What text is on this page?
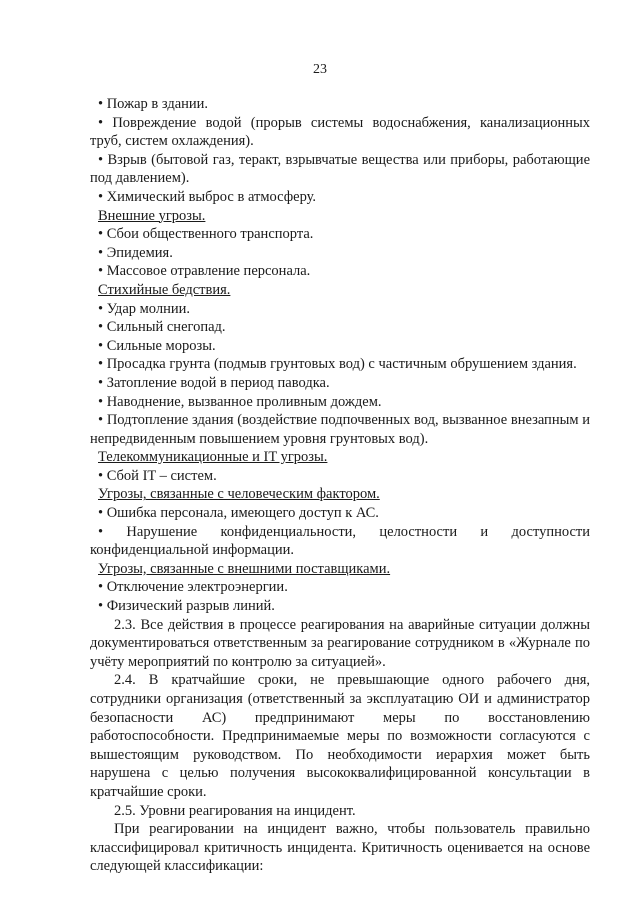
23

• Пожар в здании.

• Повреждение водой (прорыв системы водоснабжения, канализационных труб, систем охлаждения).

• Взрыв (бытовой газ, теракт, взрывчатые вещества или приборы, работающие под давлением).

• Химический выброс в атмосферу.

Внешние угрозы.

• Сбои общественного транспорта.

• Эпидемия.

• Массовое отравление персонала.

Стихийные бедствия.

• Удар молнии.

• Сильный снегопад.

• Сильные морозы.

• Просадка грунта (подмыв грунтовых вод) с частичным обрушением здания.

• Затопление водой в период паводка.

• Наводнение, вызванное проливным дождем.

• Подтопление здания (воздействие подпочвенных вод, вызванное внезапным и непредвиденным повышением уровня грунтовых вод).

Телекоммуникационные и IT угрозы.

• Сбой IT – систем.

Угрозы, связанные с человеческим фактором.

• Ошибка персонала, имеющего доступ к АС.

• Нарушение конфиденциальности, целостности и доступности конфиденциальной информации.

Угрозы, связанные с внешними поставщиками.

• Отключение электроэнергии.

• Физический разрыв линий.

2.3. Все действия в процессе реагирования на аварийные ситуации должны документироваться ответственным за реагирование сотрудником в «Журнале по учёту мероприятий по контролю за ситуацией».

2.4. В кратчайшие сроки, не превышающие одного рабочего дня, сотрудники организация (ответственный за эксплуатацию ОИ и администратор безопасности АС) предпринимают меры по восстановлению работоспособности. Предпринимаемые меры по возможности согласуются с вышестоящим руководством. По необходимости иерархия может быть нарушена с целью получения высококвалифицированной консультации в кратчайшие сроки.

2.5. Уровни реагирования на инцидент.

При реагировании на инцидент важно, чтобы пользователь правильно классифицировал критичность инцидента. Критичность оценивается на основе следующей классификации:
